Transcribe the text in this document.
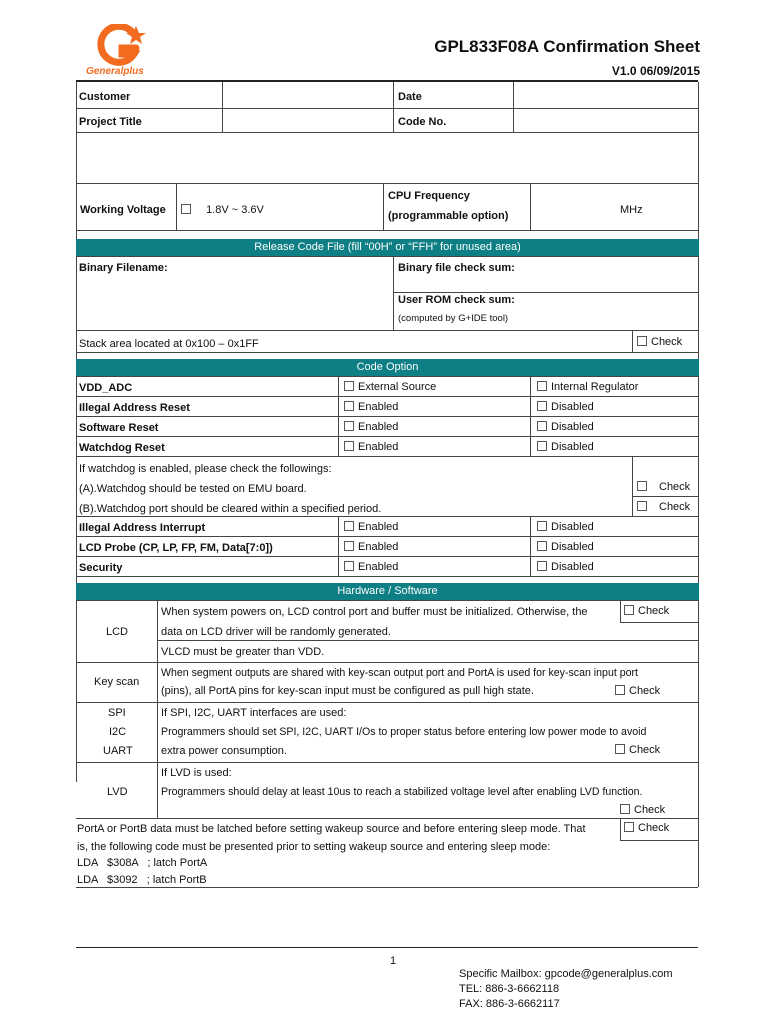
Generalplus
GPL833F08A Confirmation Sheet
V1.0 06/09/2015
Customer	Date
Project Title	Code No.
Working Voltage	1.8V ~ 3.6V
CPU Frequency
(programmable option)	MHz
Release Code File (fill “00H” or “FFH” for unused area)
Binary Filename:	Binary file check sum:
User ROM check sum:
(computed by G+IDE tool)
Stack area located at 0x100 – 0x1FF	Check
Code Option
VDD_ADC	External Source	Internal Regulator
Illegal Address Reset	Enabled	Disabled
Software Reset	Enabled	Disabled
Watchdog Reset	Enabled	Disabled
If watchdog is enabled, please check the followings:
(A).Watchdog should be tested on EMU board.
(B).Watchdog port should be cleared within a specified period.
Check
Check
Illegal Address Interrupt	Enabled	Disabled
LCD Probe (CP, LP, FP, FM, Data[7:0])	Enabled	Disabled
Security	Enabled	Disabled
Hardware / Software
LCD
When system powers on, LCD control port and buffer must be initialized. Otherwise, the
data on LCD driver will be randomly generated.
Check
VLCD must be greater than VDD.
Key scan
When segment outputs are shared with key-scan output port and PortA is used for key-scan input port
(pins), all PortA pins for key-scan input must be configured as pull high state.	Check
SPI
I2C
UART
If SPI, I2C, UART interfaces are used:
Programmers should set SPI, I2C, UART I/Os to proper status before entering low power mode to avoid
extra power consumption.	Check
LVD
If LVD is used:
Programmers should delay at least 10us to reach a stabilized voltage level after enabling LVD function.
Check
PortA or PortB data must be latched before setting wakeup source and before entering sleep mode. That	Check
is, the following code must be presented prior to setting wakeup source and entering sleep mode:
LDA   $308A   ; latch PortA
LDA   $3092   ; latch PortB
1
Specific Mailbox: gpcode@generalplus.com
TEL: 886-3-6662118
FAX: 886-3-6662117
